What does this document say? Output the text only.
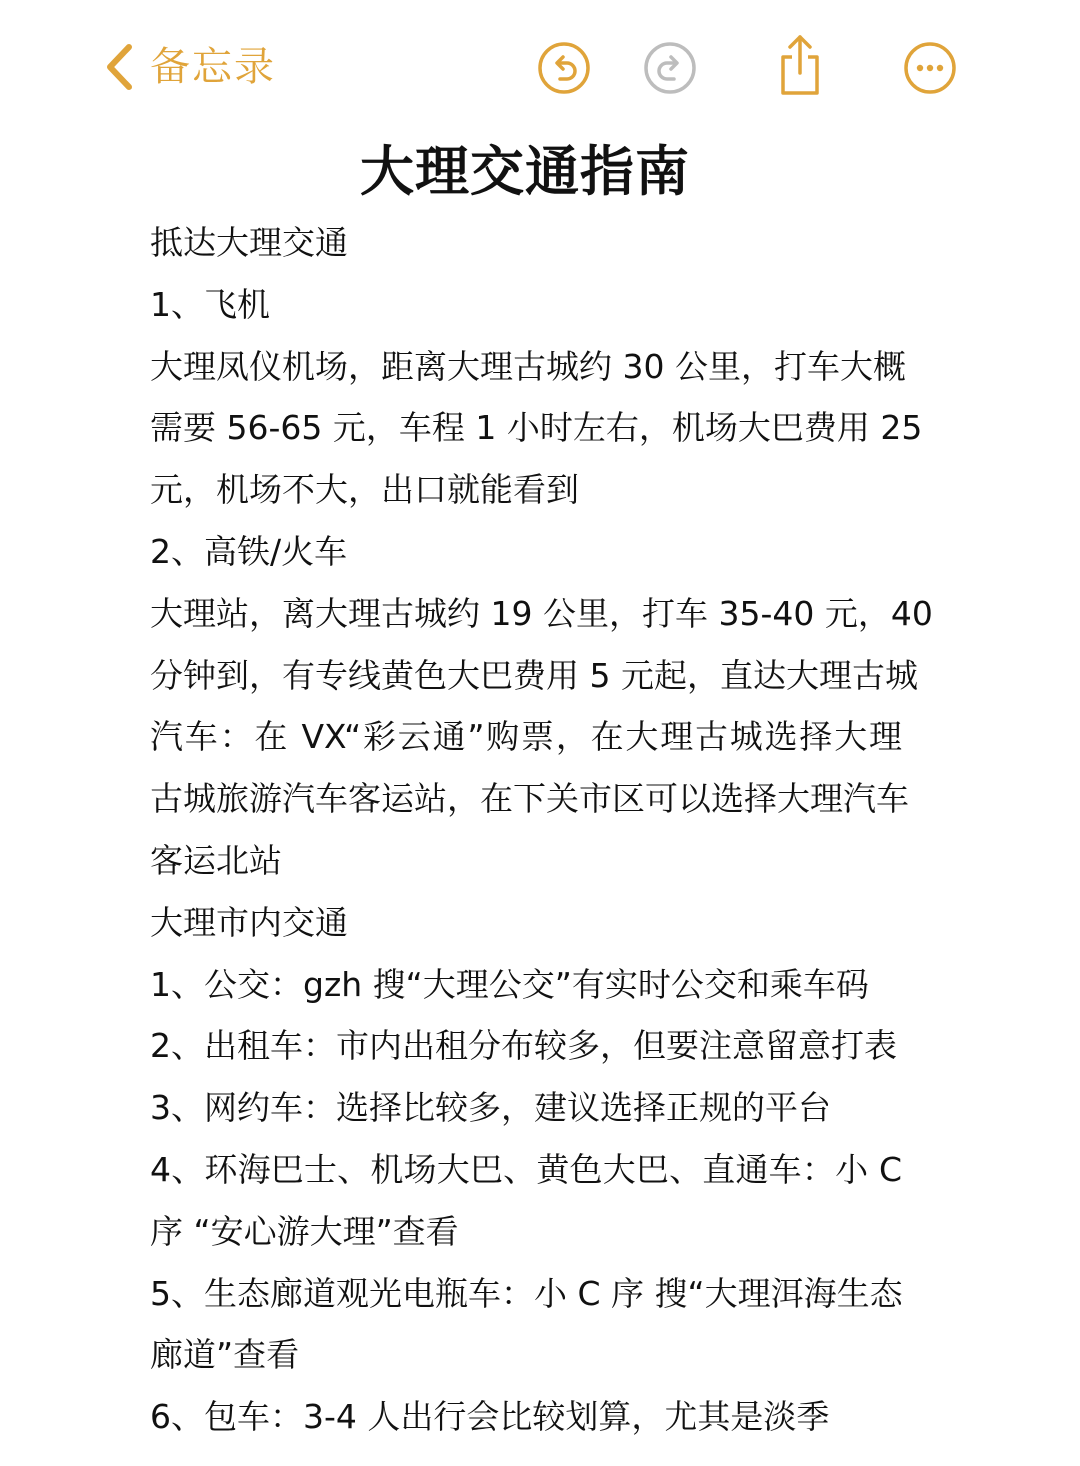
备忘录
大理交通指南
抵达大理交通
1、飞机
大理凤仪机场，距离大理古城约 30 公里，打车大概
需要 56-65 元，车程 1 小时左右，机场大巴费用 25
元，机场不大，出口就能看到
2、高铁/火车
大理站，离大理古城约 19 公里，打车 35-40 元，40
分钟到，有专线黄色大巴费用 5 元起，直达大理古城
汽车：在 VX“彩云通”购票，在大理古城选择大理
古城旅游汽车客运站，在下关市区可以选择大理汽车
客运北站
大理市内交通
1、公交：gzh 搜“大理公交”有实时公交和乘车码
2、出租车：市内出租分布较多，但要注意留意打表
3、网约车：选择比较多，建议选择正规的平台
4、环海巴士、机场大巴、黄色大巴、直通车：小 C
序 “安心游大理”查看
5、生态廊道观光电瓶车：小 C 序 搜“大理洱海生态
廊道”查看
6、包车：3-4 人出行会比较划算，尤其是淡季
